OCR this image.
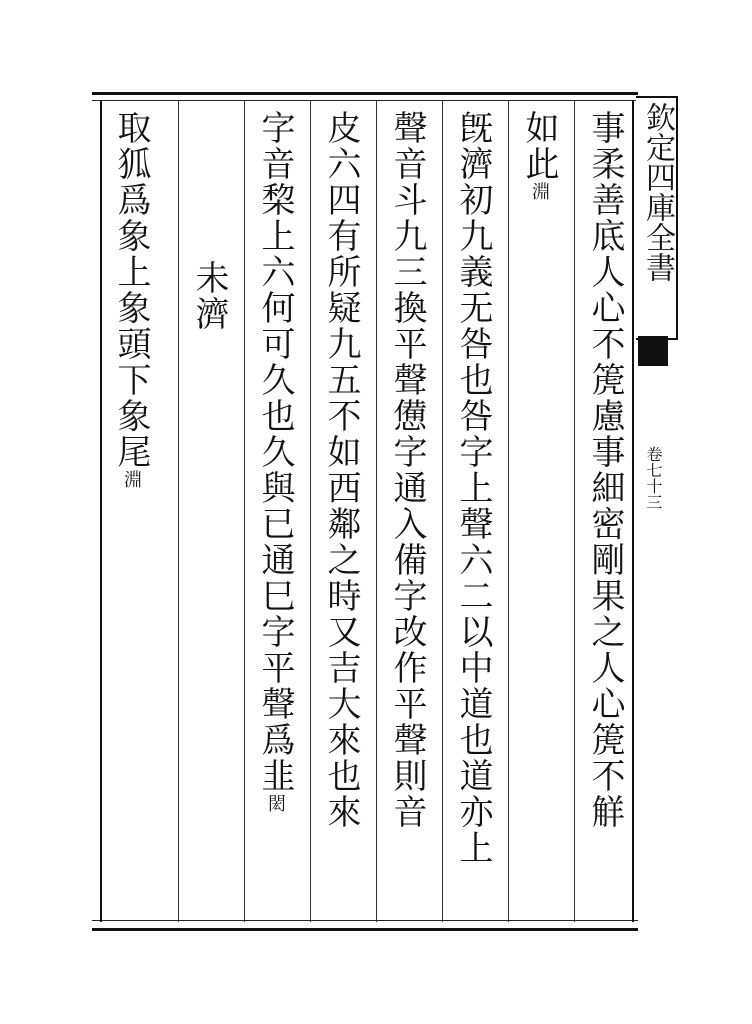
欽定四庫全書
卷七十三
事柔善底人心不箎慮事細密剛果之人心箎不觧
如此淵
旣濟初九義无咎也咎字上聲六二以中道也道亦上
聲音斗九三換平聲憊字通入備字改作平聲則音
皮六四有所疑九五不如西鄰之時又吉大來也來
字音棃上六何可久也久與已通巳字平聲爲韭閎
未濟
取狐爲象上象頭下象尾淵
